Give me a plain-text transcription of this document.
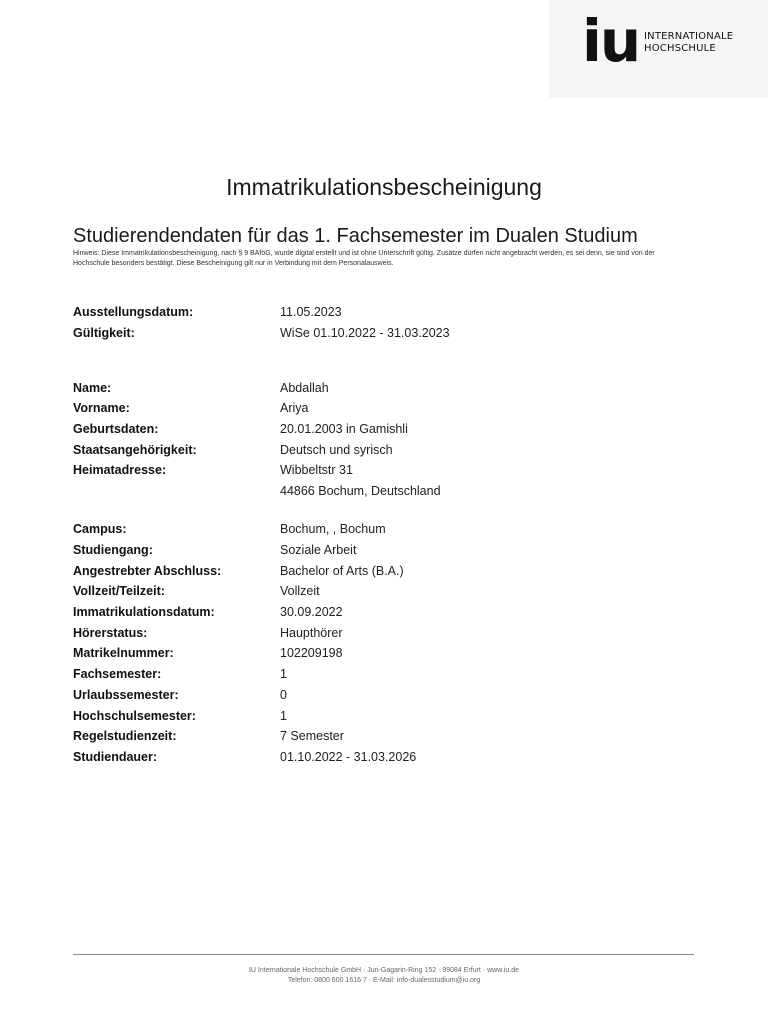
iu INTERNATIONALE
HOCHSCHULE
Immatrikulationsbescheinigung
Studierendendaten für das 1. Fachsemester im Dualen Studium
Hinweis: Diese Immatrikulationsbescheinigung, nach § 9 BAföG, wurde digital erstellt und ist ohne Unterschrift gültig. Zusätze dürfen nicht angebracht werden, es sei denn, sie sind von der Hochschule besonders bestätigt. Diese Bescheinigung gilt nur in Verbindung mit dem Personalausweis.
Ausstellungsdatum:	11.05.2023
Gültigkeit:	WiSe 01.10.2022 - 31.03.2023
Name:	Abdallah
Vorname:	Ariya
Geburtsdaten:	20.01.2003 in Gamishli
Staatsangehörigkeit:	Deutsch und syrisch
Heimatadresse:	Wibbeltstr 31
44866 Bochum, Deutschland
Campus:	Bochum, , Bochum
Studiengang:	Soziale Arbeit
Angestrebter Abschluss:	Bachelor of Arts (B.A.)
Vollzeit/Teilzeit:	Vollzeit
Immatrikulationsdatum:	30.09.2022
Hörerstatus:	Haupthörer
Matrikelnummer:	102209198
Fachsemester:	1
Urlaubssemester:	0
Hochschulsemester:	1
Regelstudienzeit:	7 Semester
Studiendauer:	01.10.2022 - 31.03.2026
IU Internationale Hochschule GmbH · Juri-Gagarin-Ring 152 · 99084 Erfurt · www.iu.de
Telefon: 0800 600 1616 7 · E-Mail: info-dualesstudium@iu.org
